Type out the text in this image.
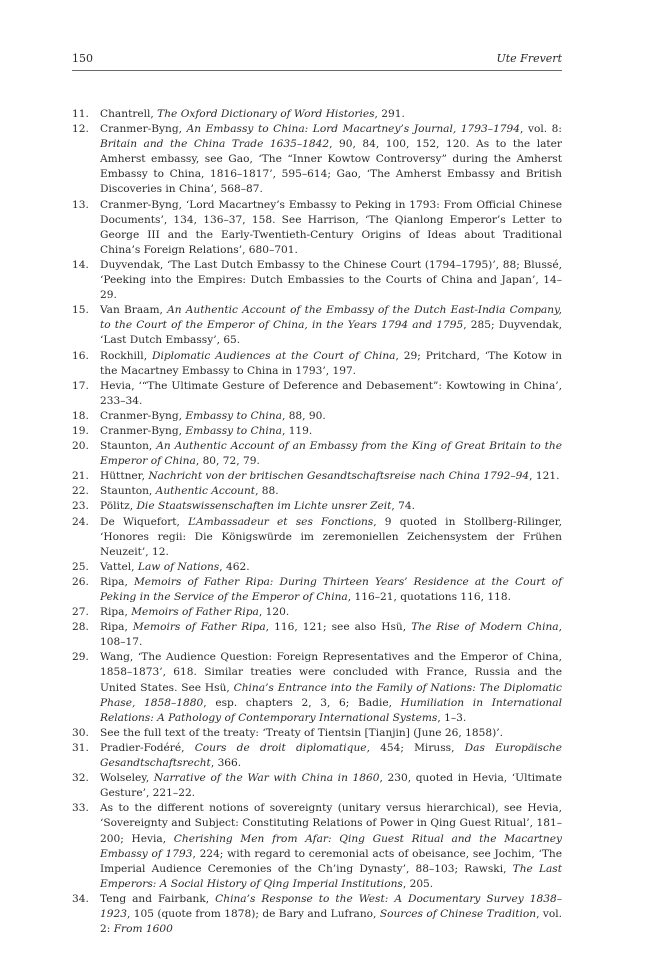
150	Ute Frevert
11. Chantrell, The Oxford Dictionary of Word Histories, 291.
12. Cranmer-Byng, An Embassy to China: Lord Macartney’s Journal, 1793–1794, vol. 8: Britain and the China Trade 1635–1842, 90, 84, 100, 152, 120. As to the later Amherst embassy, see Gao, ‘The “Inner Kowtow Controversy” during the Amherst Embassy to China, 1816–1817’, 595–614; Gao, ‘The Amherst Embassy and British Discoveries in China’, 568–87.
13. Cranmer-Byng, ‘Lord Macartney’s Embassy to Peking in 1793: From Official Chinese Documents’, 134, 136–37, 158. See Harrison, ‘The Qianlong Emperor’s Letter to George III and the Early-Twentieth-Century Origins of Ideas about Traditional China’s Foreign Relations’, 680–701.
14. Duyvendak, ‘The Last Dutch Embassy to the Chinese Court (1794–1795)’, 88; Blussé, ‘Peeking into the Empires: Dutch Embassies to the Courts of China and Japan’, 14–29.
15. Van Braam, An Authentic Account of the Embassy of the Dutch East-India Company, to the Court of the Emperor of China, in the Years 1794 and 1795, 285; Duyvendak, ‘Last Dutch Embassy’, 65.
16. Rockhill, Diplomatic Audiences at the Court of China, 29; Pritchard, ‘The Kotow in the Macartney Embassy to China in 1793’, 197.
17. Hevia, ‘“The Ultimate Gesture of Deference and Debasement”: Kowtowing in China’, 233–34.
18. Cranmer-Byng, Embassy to China, 88, 90.
19. Cranmer-Byng, Embassy to China, 119.
20. Staunton, An Authentic Account of an Embassy from the King of Great Britain to the Emperor of China, 80, 72, 79.
21. Hüttner, Nachricht von der britischen Gesandtschaftsreise nach China 1792–94, 121.
22. Staunton, Authentic Account, 88.
23. Pölitz, Die Staatswissenschaften im Lichte unsrer Zeit, 74.
24. De Wiquefort, L’Ambassadeur et ses Fonctions, 9 quoted in Stollberg-Rilinger, ‘Honores regii: Die Königswürde im zeremoniellen Zeichensystem der Frühen Neuzeit’, 12.
25. Vattel, Law of Nations, 462.
26. Ripa, Memoirs of Father Ripa: During Thirteen Years’ Residence at the Court of Peking in the Service of the Emperor of China, 116–21, quotations 116, 118.
27. Ripa, Memoirs of Father Ripa, 120.
28. Ripa, Memoirs of Father Ripa, 116, 121; see also Hsü, The Rise of Modern China, 108–17.
29. Wang, ‘The Audience Question: Foreign Representatives and the Emperor of China, 1858–1873’, 618. Similar treaties were concluded with France, Russia and the United States. See Hsü, China’s Entrance into the Family of Nations: The Diplomatic Phase, 1858–1880, esp. chapters 2, 3, 6; Badie, Humiliation in International Relations: A Pathology of Contemporary International Systems, 1–3.
30. See the full text of the treaty: ‘Treaty of Tientsin [Tianjin] (June 26, 1858)’.
31. Pradier-Fodéré, Cours de droit diplomatique, 454; Miruss, Das Europäische Gesandtschaftsrecht, 366.
32. Wolseley, Narrative of the War with China in 1860, 230, quoted in Hevia, ‘Ultimate Gesture’, 221–22.
33. As to the different notions of sovereignty (unitary versus hierarchical), see Hevia, ‘Sovereignty and Subject: Constituting Relations of Power in Qing Guest Ritual’, 181–200; Hevia, Cherishing Men from Afar: Qing Guest Ritual and the Macartney Embassy of 1793, 224; with regard to ceremonial acts of obeisance, see Jochim, ‘The Imperial Audience Ceremonies of the Ch’ing Dynasty’, 88–103; Rawski, The Last Emperors: A Social History of Qing Imperial Institutions, 205.
34. Teng and Fairbank, China’s Response to the West: A Documentary Survey 1838–1923, 105 (quote from 1878); de Bary and Lufrano, Sources of Chinese Tradition, vol. 2: From 1600
